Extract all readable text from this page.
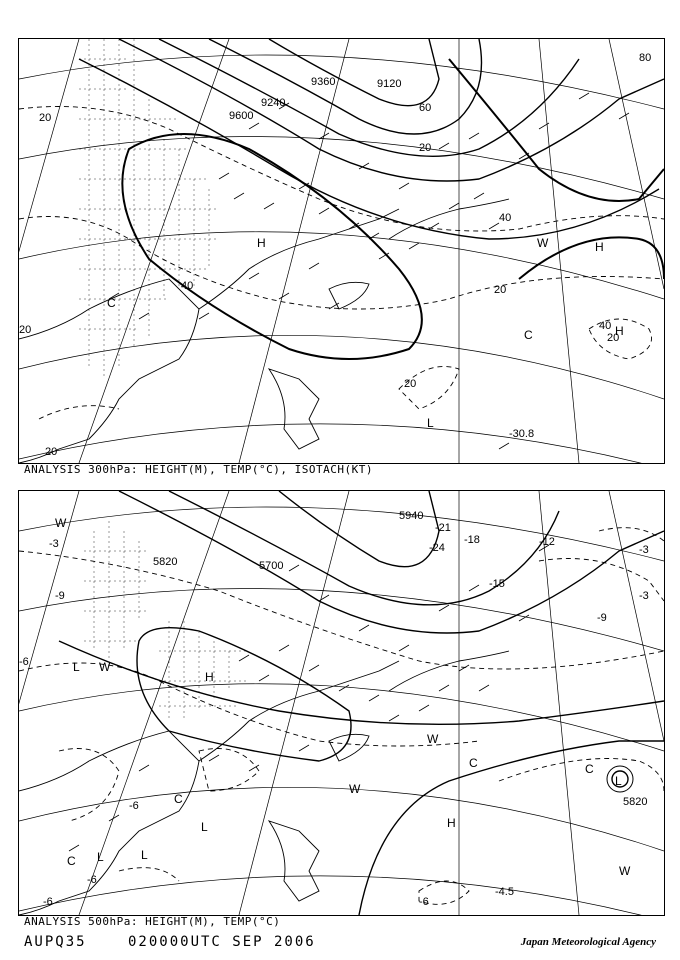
9120
9240
9360
9600
20
40
60
80
20
40
20
20
20
20
40
20
H	H
L
C
C
W
H
-30.8
ANALYSIS 300hPa: HEIGHT(M), TEMP(°C), ISOTACH(KT)
5700
5820
5820
5940
-3	-3
-6
-6
-12
-15
-18
-21
-24
-9
-9
-6
-6
-3
-6
W
L W
H
C
L
L
C	L
H
C
W
W
C
L
W
-4.5
ANALYSIS 500hPa: HEIGHT(M), TEMP(°C)
AUPQ35	020000UTC SEP 2006	Japan Meteorological Agency
